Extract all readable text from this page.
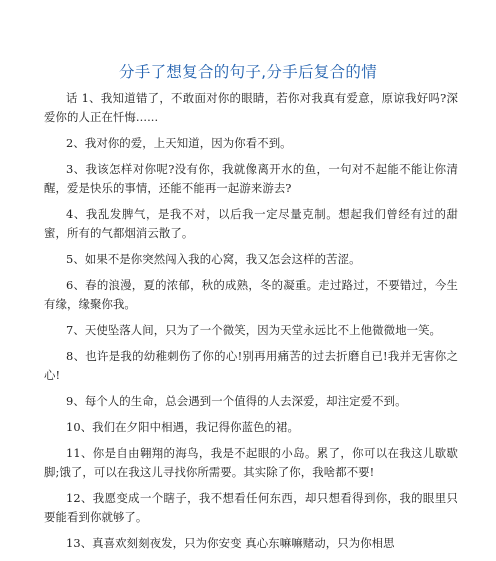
分手了想复合的句子,分手后复合的情

话 1、我知道错了，不敢面对你的眼睛，若你对我真有爱意，原谅我好吗?深爱你的人正在忏悔......

2、我对你的爱，上天知道，因为你看不到。

3、我该怎样对你呢?没有你，我就像离开水的鱼，一句对不起能不能让你清醒，爱是快乐的事情，还能不能再一起游来游去?

4、我乱发脾气，是我不对，以后我一定尽量克制。想起我们曾经有过的甜蜜，所有的气都烟消云散了。

5、如果不是你突然闯入我的心窝，我又怎会这样的苦涩。

6、春的浪漫，夏的浓郁，秋的成熟，冬的凝重。走过路过，不要错过，今生有缘，缘聚你我。

7、天使坠落人间，只为了一个微笑，因为天堂永远比不上他微微地一笑。

8、也许是我的幼稚刺伤了你的心!别再用痛苦的过去折磨自已!我并无害你之心!

9、每个人的生命，总会遇到一个值得的人去深爱，却注定爱不到。

10、我们在夕阳中相遇，我记得你蓝色的裙。

11、你是自由翱翔的海鸟，我是不起眼的小岛。累了，你可以在我这儿歇歇脚;饿了，可以在我这儿寻找你所需要。其实除了你，我啥都不要!

12、我愿变成一个瞎子，我不想看任何东西，却只想看得到你，我的眼里只要能看到你就够了。

13、真喜欢刻刻夜发，只为你安变 真心东嘛嘛赌动，只为你相思
